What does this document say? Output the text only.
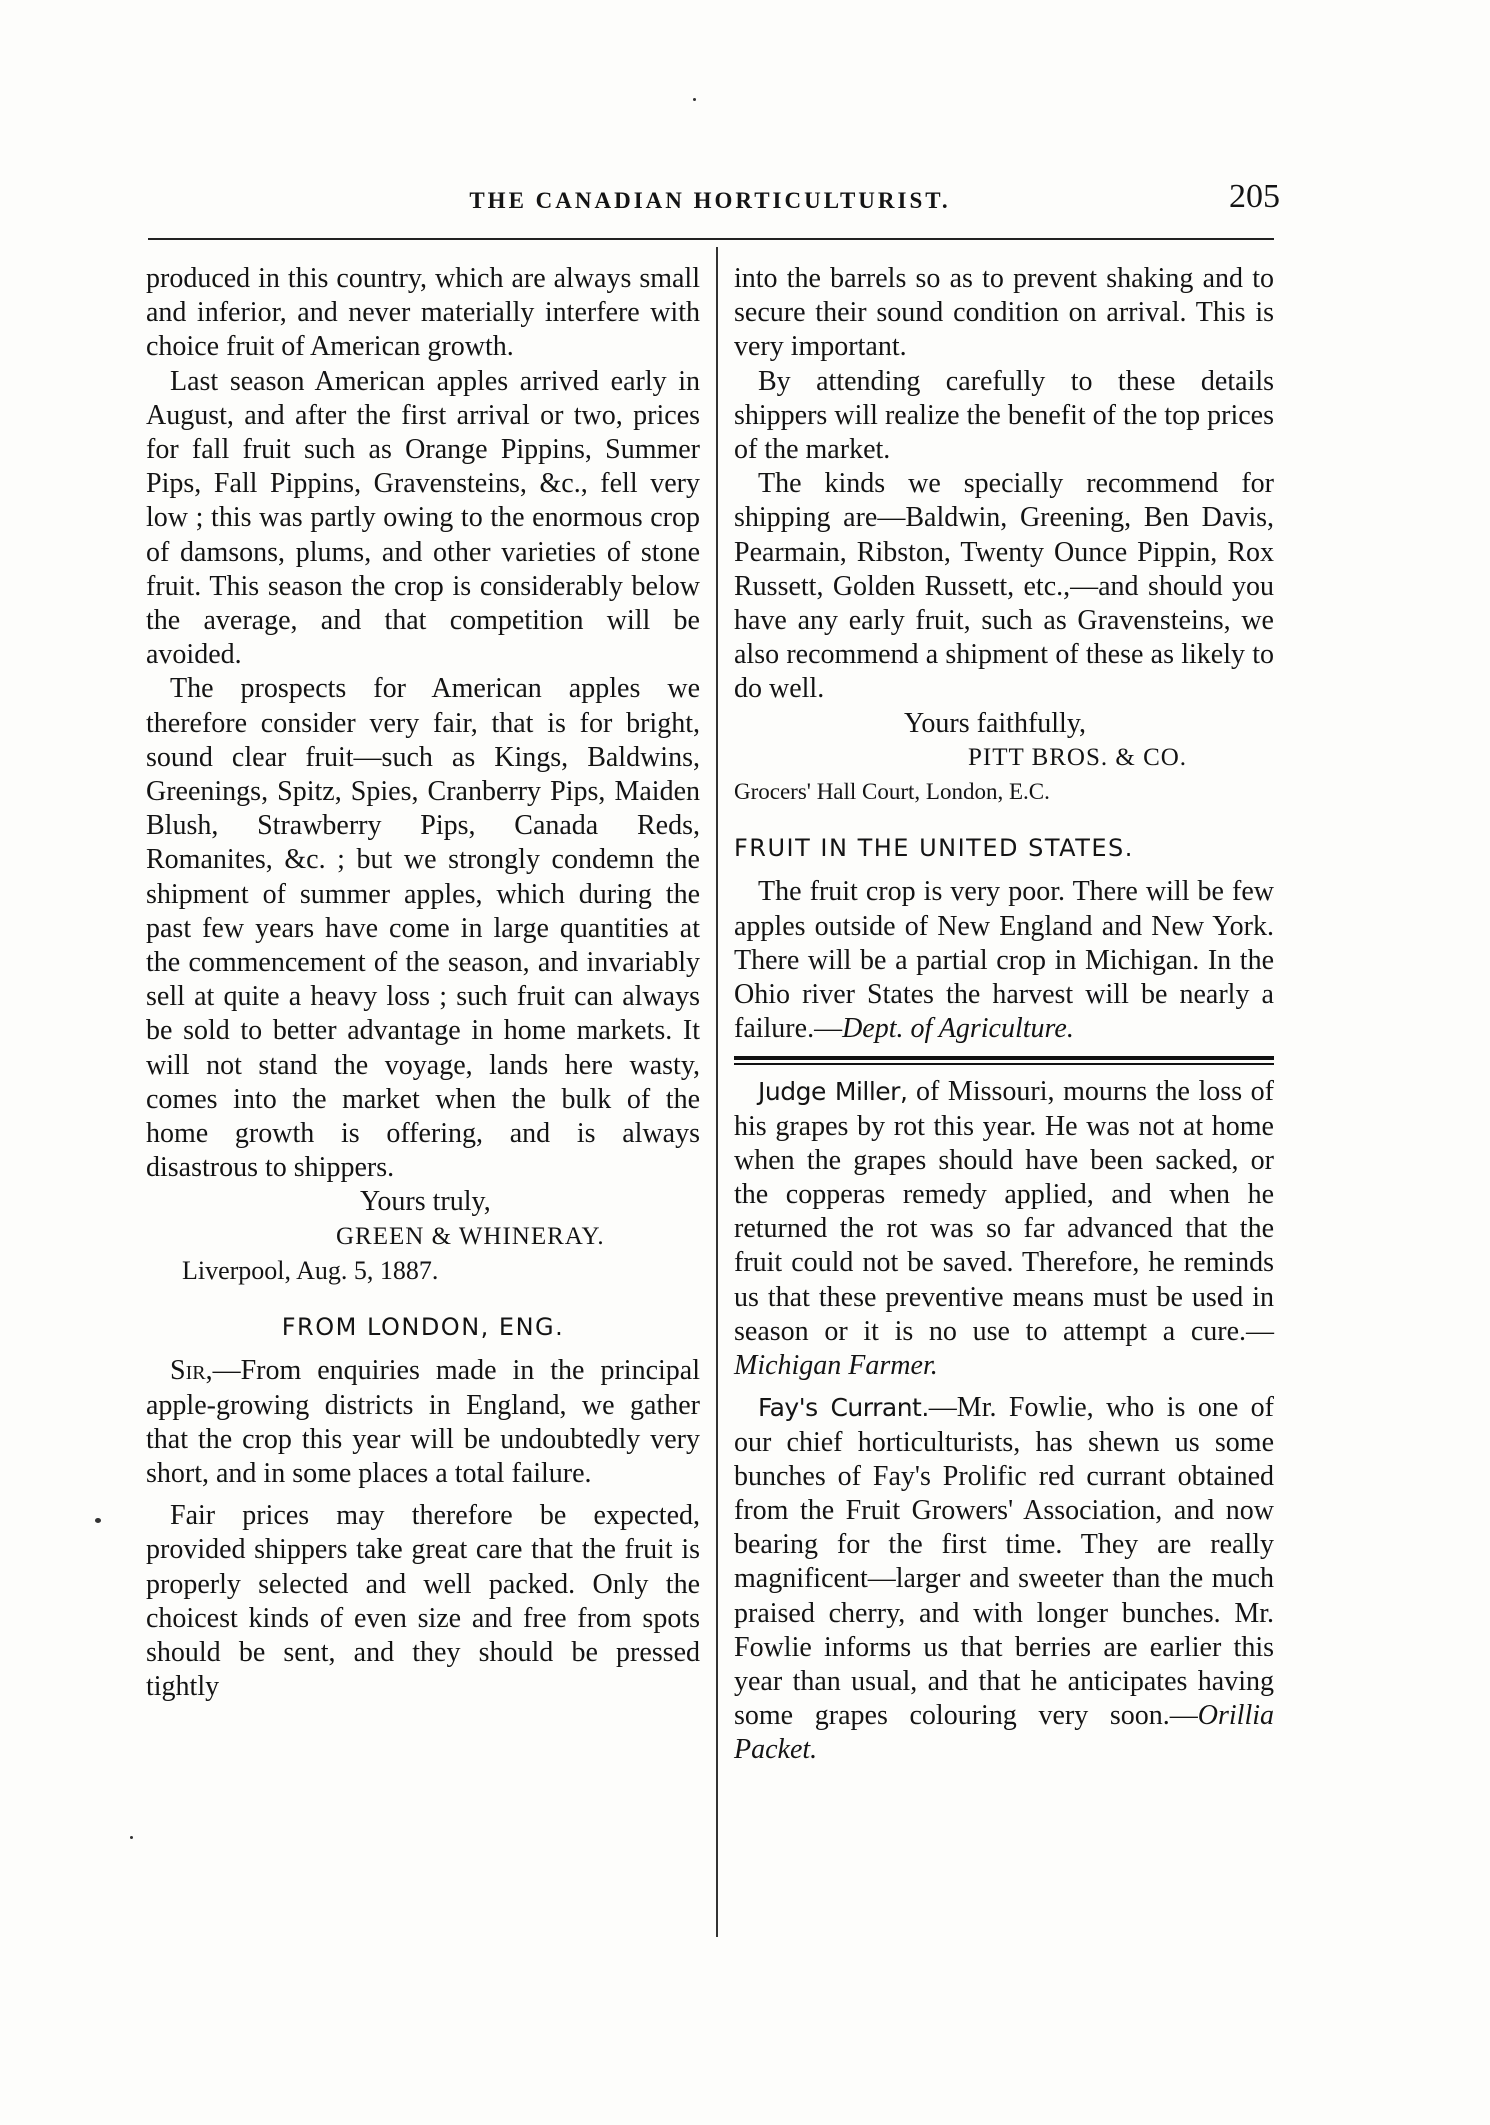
THE CANADIAN HORTICULTURIST.	205

produced in this country, which are always small and inferior, and never materially interfere with choice fruit of American growth.

Last season American apples arrived early in August, and after the first arrival or two, prices for fall fruit such as Orange Pippins, Summer Pips, Fall Pippins, Gravensteins, &c., fell very low ; this was partly owing to the enormous crop of damsons, plums, and other varieties of stone fruit. This season the crop is considerably below the average, and that competition will be avoided.

The prospects for American apples we therefore consider very fair, that is for bright, sound clear fruit—such as Kings, Baldwins, Greenings, Spitz, Spies, Cranberry Pips, Maiden Blush, Strawberry Pips, Canada Reds, Romanites, &c. ; but we strongly condemn the shipment of summer apples, which during the past few years have come in large quantities at the commencement of the season, and invariably sell at quite a heavy loss ; such fruit can always be sold to better advantage in home markets. It will not stand the voyage, lands here wasty, comes into the market when the bulk of the home growth is offering, and is always disastrous to shippers.

Yours truly,

GREEN & WHINERAY.

Liverpool, Aug. 5, 1887.

FROM LONDON, ENG.

Sir,—From enquiries made in the principal apple-growing districts in England, we gather that the crop this year will be undoubtedly very short, and in some places a total failure.

Fair prices may therefore be expected, provided shippers take great care that the fruit is properly selected and well packed. Only the choicest kinds of even size and free from spots should be sent, and they should be pressed tightly

into the barrels so as to prevent shaking and to secure their sound condition on arrival. This is very important.

By attending carefully to these details shippers will realize the benefit of the top prices of the market.

The kinds we specially recommend for shipping are—Baldwin, Greening, Ben Davis, Pearmain, Ribston, Twenty Ounce Pippin, Rox Russett, Golden Russett, etc.,—and should you have any early fruit, such as Gravensteins, we also recommend a shipment of these as likely to do well.

Yours faithfully,

PITT BROS. & CO.

Grocers' Hall Court, London, E.C.

FRUIT IN THE UNITED STATES.

The fruit crop is very poor. There will be few apples outside of New England and New York. There will be a partial crop in Michigan. In the Ohio river States the harvest will be nearly a failure.—Dept. of Agriculture.

Judge Miller, of Missouri, mourns the loss of his grapes by rot this year. He was not at home when the grapes should have been sacked, or the copperas remedy applied, and when he returned the rot was so far advanced that the fruit could not be saved. Therefore, he reminds us that these preventive means must be used in season or it is no use to attempt a cure.—Michigan Farmer.

Fay's Currant.—Mr. Fowlie, who is one of our chief horticulturists, has shewn us some bunches of Fay's Prolific red currant obtained from the Fruit Growers' Association, and now bearing for the first time. They are really magnificent—larger and sweeter than the much praised cherry, and with longer bunches. Mr. Fowlie informs us that berries are earlier this year than usual, and that he anticipates having some grapes colouring very soon.—Orillia Packet.
